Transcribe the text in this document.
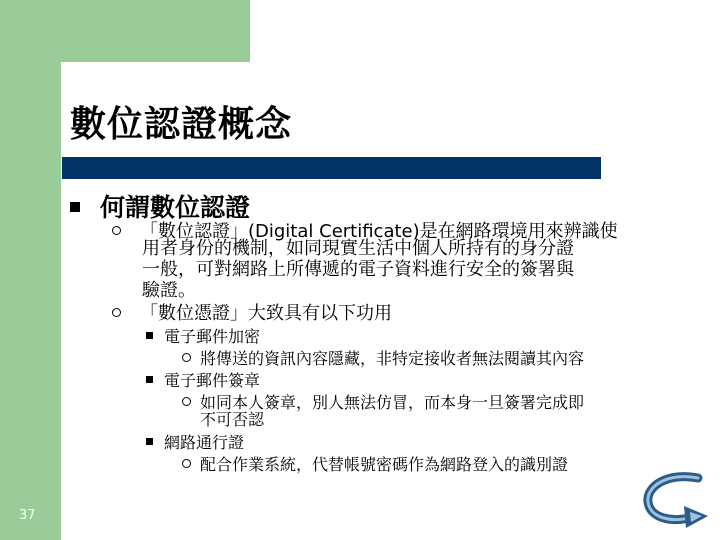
數位認證概念
何謂數位認證
「數位認證」(Digital Certificate)是在網路環境用來辨識使
用者身份的機制，如同現實生活中個人所持有的身分證
一般，可對網路上所傳遞的電子資料進行安全的簽署與
驗證。
「數位憑證」大致具有以下功用
電子郵件加密
將傳送的資訊內容隱藏，非特定接收者無法閱讀其內容
電子郵件簽章
如同本人簽章，別人無法仿冒，而本身一旦簽署完成即
不可否認
網路通行證
配合作業系統，代替帳號密碼作為網路登入的識別證
37
